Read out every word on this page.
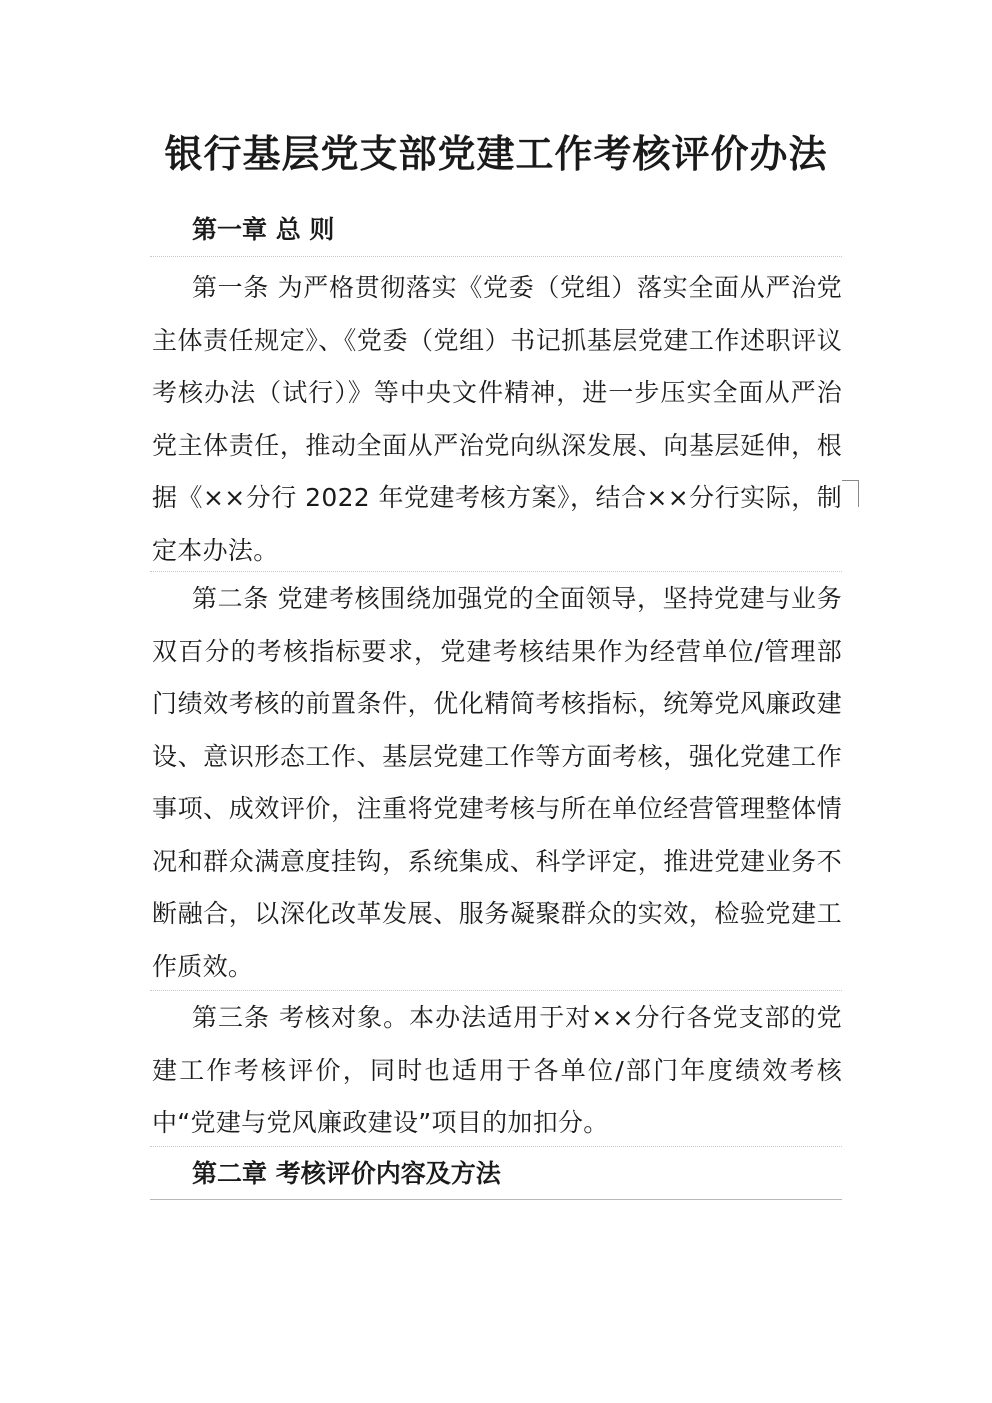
银行基层党支部党建工作考核评价办法
第一章 总 则

第一条 为严格贯彻落实《党委（党组）落实全面从严治党主体责任规定》、《党委（党组）书记抓基层党建工作述职评议考核办法（试行）》等中央文件精神，进一步压实全面从严治党主体责任，推动全面从严治党向纵深发展、向基层延伸，根据《××分行 2022 年党建考核方案》，结合××分行实际，制定本办法。

第二条 党建考核围绕加强党的全面领导，坚持党建与业务双百分的考核指标要求，党建考核结果作为经营单位/管理部门绩效考核的前置条件，优化精简考核指标，统筹党风廉政建设、意识形态工作、基层党建工作等方面考核，强化党建工作事项、成效评价，注重将党建考核与所在单位经营管理整体情况和群众满意度挂钩，系统集成、科学评定，推进党建业务不断融合，以深化改革发展、服务凝聚群众的实效，检验党建工作质效。

第三条 考核对象。本办法适用于对××分行各党支部的党建工作考核评价，同时也适用于各单位/部门年度绩效考核中“党建与党风廉政建设”项目的加扣分。

第二章 考核评价内容及方法
